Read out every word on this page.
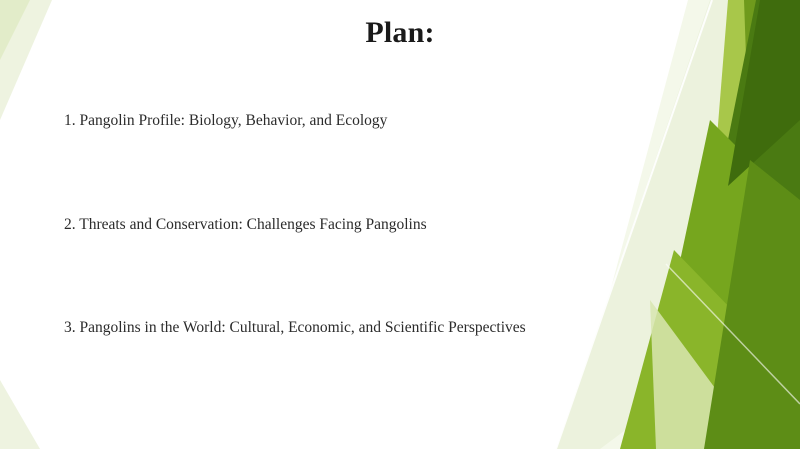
Plan:
1. Pangolin Profile: Biology, Behavior, and Ecology
2. Threats and Conservation: Challenges Facing Pangolins
3. Pangolins in the World: Cultural, Economic, and Scientific Perspectives
